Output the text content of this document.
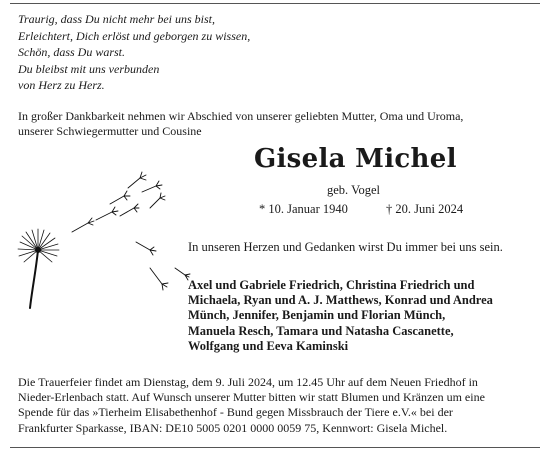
Traurig, dass Du nicht mehr bei uns bist,
Erleichtert, Dich erlöst und geborgen zu wissen,
Schön, dass Du warst.
Du bleibst mit uns verbunden
von Herz zu Herz.
In großer Dankbarkeit nehmen wir Abschied von unserer geliebten Mutter, Oma und Uroma,
unserer Schwiegermutter und Cousine
Gisela Michel
geb. Vogel
* 10. Januar 1940	† 20. Juni 2024
In unseren Herzen und Gedanken wirst Du immer bei uns sein.
Axel und Gabriele Friedrich, Christina Friedrich und
Michaela, Ryan und A. J. Matthews, Konrad und Andrea
Münch, Jennifer, Benjamin und Florian Münch,
Manuela Resch, Tamara und Natasha Cascanette,
Wolfgang und Eeva Kaminski
Die Trauerfeier findet am Dienstag, dem 9. Juli 2024, um 12.45 Uhr auf dem Neuen Friedhof in
Nieder-Erlenbach statt. Auf Wunsch unserer Mutter bitten wir statt Blumen und Kränzen um eine
Spende für das »Tierheim Elisabethenhof - Bund gegen Missbrauch der Tiere e.V.« bei der
Frankfurter Sparkasse, IBAN: DE10 5005 0201 0000 0059 75, Kennwort: Gisela Michel.
